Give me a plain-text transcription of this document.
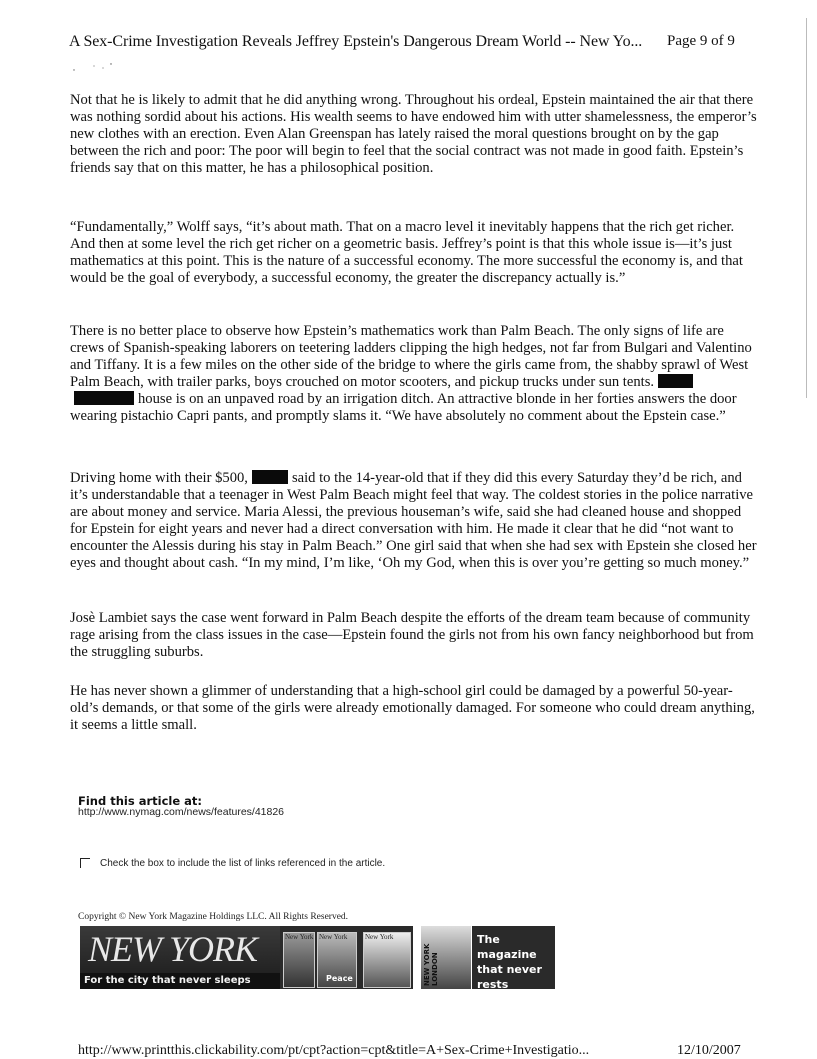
A Sex-Crime Investigation Reveals Jeffrey Epstein's Dangerous Dream World -- New Yo... Page 9 of 9

Not that he is likely to admit that he did anything wrong. Throughout his ordeal, Epstein maintained the air that there was nothing sordid about his actions. His wealth seems to have endowed him with utter shamelessness, the emperor’s new clothes with an erection. Even Alan Greenspan has lately raised the moral questions brought on by the gap between the rich and poor: The poor will begin to feel that the social contract was not made in good faith. Epstein’s friends say that on this matter, he has a philosophical position.

“Fundamentally,” Wolff says, “it’s about math. That on a macro level it inevitably happens that the rich get richer. And then at some level the rich get richer on a geometric basis. Jeffrey’s point is that this whole issue is—it’s just mathematics at this point. This is the nature of a successful economy. The more successful the economy is, and that would be the goal of everybody, a successful economy, the greater the discrepancy actually is.”

There is no better place to observe how Epstein’s mathematics work than Palm Beach. The only signs of life are crews of Spanish-speaking laborers on teetering ladders clipping the high hedges, not far from Bulgari and Valentino and Tiffany. It is a few miles on the other side of the bridge to where the girls came from, the shabby sprawl of West Palm Beach, with trailer parks, boys crouched on motor scooters, and pickup trucks under sun tents.house is on an unpaved road by an irrigation ditch. An attractive blonde in her forties answers the door wearing pistachio Capri pants, and promptly slams it. “We have absolutely no comment about the Epstein case.”

Driving home with their $500,	said to the 14-year-old that if they did this every Saturday they’d be rich, and it’s understandable that a teenager in West Palm Beach might feel that way. The coldest stories in the police narrative are about money and service. Maria Alessi, the previous houseman’s wife, said she had cleaned house and shopped for Epstein for eight years and never had a direct conversation with him. He made it clear that he did “not want to encounter the Alessis during his stay in Palm Beach.” One girl said that when she had sex with Epstein she closed her eyes and thought about cash. “In my mind, I’m like, ‘Oh my God, when this is over you’re getting so much money.”

Josè Lambiet says the case went forward in Palm Beach despite the efforts of the dream team because of community rage arising from the class issues in the case—Epstein found the girls not from his own fancy neighborhood but from the struggling suburbs.

He has never shown a glimmer of understanding that a high-school girl could be damaged by a powerful 50-year-old’s demands, or that some of the girls were already emotionally damaged. For someone who could dream anything, it seems a little small.

Find this article at:
http://www.nymag.com/news/features/41826
Check the box to include the list of links referenced in the article.
Copyright © New York Magazine Holdings LLC. All Rights Reserved.
NEW YORK
For the city that never sleeps
New York New York
Peace
New York
NEW YORK LONDON
The magazine
that never rests
Just 44¢ an issue!
http://www.printthis.clickability.com/pt/cpt?action=cpt&title=A+Sex-Crime+Investigatio...	12/10/2007
